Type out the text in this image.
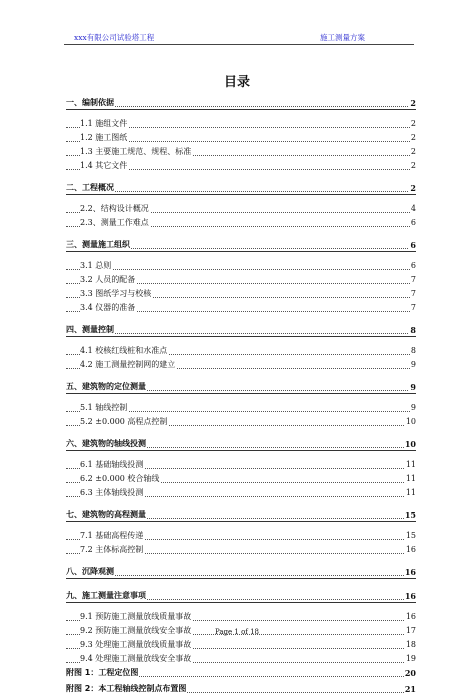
xxx有限公司试验塔工程	施工测量方案
目录
一、编制依据	2
1.1 施组文件	2
1.2 施工图纸	2
1.3 主要施工规范、规程、标准	2
1.4 其它文件	2
二、工程概况	2
2.2、结构设计概况	4
2.3、测量工作难点	6
三、测量施工组织	6
3.1 总则	6
3.2 人员的配备	7
3.3 图纸学习与校核	7
3.4 仪器的准备	7
四、测量控制	8
4.1 校核红线桩和水准点	8
4.2 施工测量控制网的建立	9
五、建筑物的定位测量	9
5.1 轴线控制	9
5.2 ±0.000 高程点控制	10
六、建筑物的轴线投测	10
6.1 基础轴线投测	11
6.2 ±0.000 校合轴线	11
6.3 主体轴线投测	11
七、建筑物的高程测量	15
7.1 基础高程传递	15
7.2 主体标高控制	16
八、沉降观测	16
九、施工测量注意事项	16
9.1 预防施工测量放线质量事故	16
9.2 预防施工测量放线安全事故	17
9.3 处理施工测量放线质量事故	18
9.4 处理施工测量放线安全事故	19
附图 1：工程定位图	20
附图 2：本工程轴线控制点布置图	21
Page 1 of 18
